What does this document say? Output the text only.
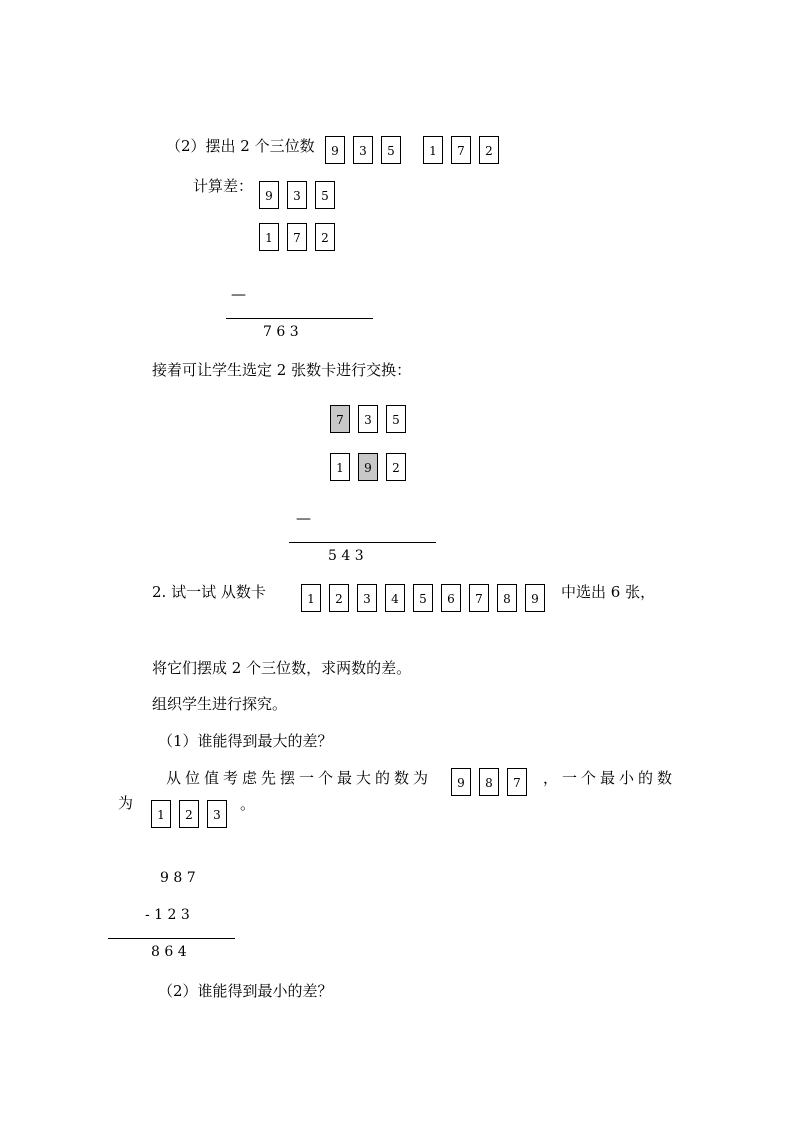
（2）摆出 2 个三位数	9	3	5	1	7	2
计算差：
9	3	5
1	7	2
—
7 6 3
接着可让学生选定 2 张数卡进行交换：
7	3	5
1	9	2
—
5 4 3
2. 试一试 从数卡	1	2	3	4	5	6	7	8	9	中选出 6 张，
将它们摆成 2 个三位数，求两数的差。
组织学生进行探究。
（1）谁能得到最大的差？
从位值考虑先摆一个最大的数为	9	8	7	，一个最小的数
为
1	2	3
。
9 8 7
- 1 2 3
8 6 4
（2）谁能得到最小的差？
